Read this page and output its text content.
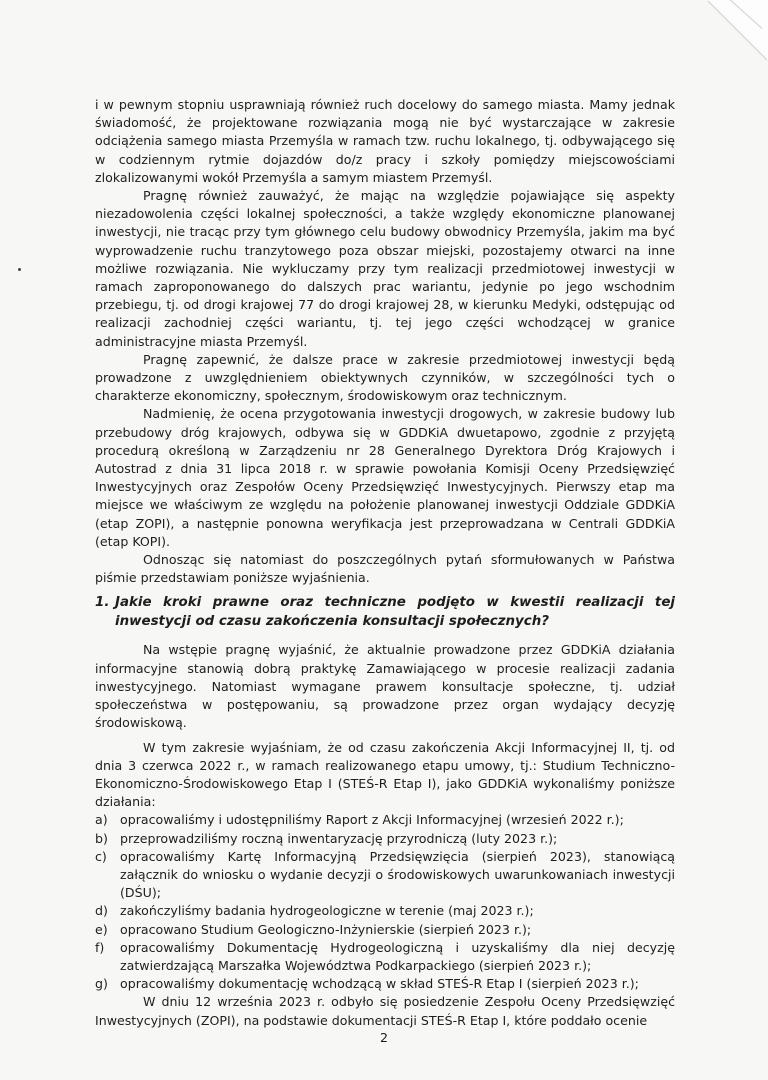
i w pewnym stopniu usprawniają również ruch docelowy do samego miasta. Mamy jednak świadomość, że projektowane rozwiązania mogą nie być wystarczające w zakresie odciążenia samego miasta Przemyśla w ramach tzw. ruchu lokalnego, tj. odbywającego się w codziennym rytmie dojazdów do/z pracy i szkoły pomiędzy miejscowościami zlokalizowanymi wokół Przemyśla a samym miastem Przemyśl.

Pragnę również zauważyć, że mając na względzie pojawiające się aspekty niezadowolenia części lokalnej społeczności, a także względy ekonomiczne planowanej inwestycji, nie tracąc przy tym głównego celu budowy obwodnicy Przemyśla, jakim ma być wyprowadzenie ruchu tranzytowego poza obszar miejski, pozostajemy otwarci na inne możliwe rozwiązania. Nie wykluczamy przy tym realizacji przedmiotowej inwestycji w ramach zaproponowanego do dalszych prac wariantu, jedynie po jego wschodnim przebiegu, tj. od drogi krajowej 77 do drogi krajowej 28, w kierunku Medyki, odstępując od realizacji zachodniej części wariantu, tj. tej jego części wchodzącej w granice administracyjne miasta Przemyśl.

Pragnę zapewnić, że dalsze prace w zakresie przedmiotowej inwestycji będą prowadzone z uwzględnieniem obiektywnych czynników, w szczególności tych o charakterze ekonomiczny, społecznym, środowiskowym oraz technicznym.

Nadmienię, że ocena przygotowania inwestycji drogowych, w zakresie budowy lub przebudowy dróg krajowych, odbywa się w GDDKiA dwuetapowo, zgodnie z przyjętą procedurą określoną w Zarządzeniu nr 28 Generalnego Dyrektora Dróg Krajowych i Autostrad z dnia 31 lipca 2018 r. w sprawie powołania Komisji Oceny Przedsięwzięć Inwestycyjnych oraz Zespołów Oceny Przedsięwzięć Inwestycyjnych. Pierwszy etap ma miejsce we właściwym ze względu na położenie planowanej inwestycji Oddziale GDDKiA (etap ZOPI), a następnie ponowna weryfikacja jest przeprowadzana w Centrali GDDKiA (etap KOPI).

Odnosząc się natomiast do poszczególnych pytań sformułowanych w Państwa piśmie przedstawiam poniższe wyjaśnienia.

1. Jakie kroki prawne oraz techniczne podjęto w kwestii realizacji tej inwestycji od czasu zakończenia konsultacji społecznych?

Na wstępie pragnę wyjaśnić, że aktualnie prowadzone przez GDDKiA działania informacyjne stanowią dobrą praktykę Zamawiającego w procesie realizacji zadania inwestycyjnego. Natomiast wymagane prawem konsultacje społeczne, tj. udział społeczeństwa w postępowaniu, są prowadzone przez organ wydający decyzję środowiskową.

W tym zakresie wyjaśniam, że od czasu zakończenia Akcji Informacyjnej II, tj. od dnia 3 czerwca 2022 r., w ramach realizowanego etapu umowy, tj.: Studium Techniczno-Ekonomiczno-Środowiskowego Etap I (STEŚ-R Etap I), jako GDDKiA wykonaliśmy poniższe działania:

a) opracowaliśmy i udostępniliśmy Raport z Akcji Informacyjnej (wrzesień 2022 r.);
b) przeprowadziliśmy roczną inwentaryzację przyrodniczą (luty 2023 r.);
c)	opracowaliśmy Kartę Informacyjną Przedsięwzięcia (sierpień 2023), stanowiącą załącznik do wniosku o wydanie decyzji o środowiskowych uwarunkowaniach inwestycji (DŚU);
d) zakończyliśmy badania hydrogeologiczne w terenie (maj 2023 r.);
e) opracowano Studium Geologiczno-Inżynierskie (sierpień 2023 r.);
f)	opracowaliśmy Dokumentację Hydrogeologiczną i uzyskaliśmy dla niej decyzję zatwierdzającą Marszałka Województwa Podkarpackiego (sierpień 2023 r.);
g) opracowaliśmy dokumentację wchodzącą w skład STEŚ-R Etap I (sierpień 2023 r.);

W dniu 12 września 2023 r. odbyło się posiedzenie Zespołu Oceny Przedsięwzięć Inwestycyjnych (ZOPI), na podstawie dokumentacji STEŚ-R Etap I, które poddało ocenie

2
